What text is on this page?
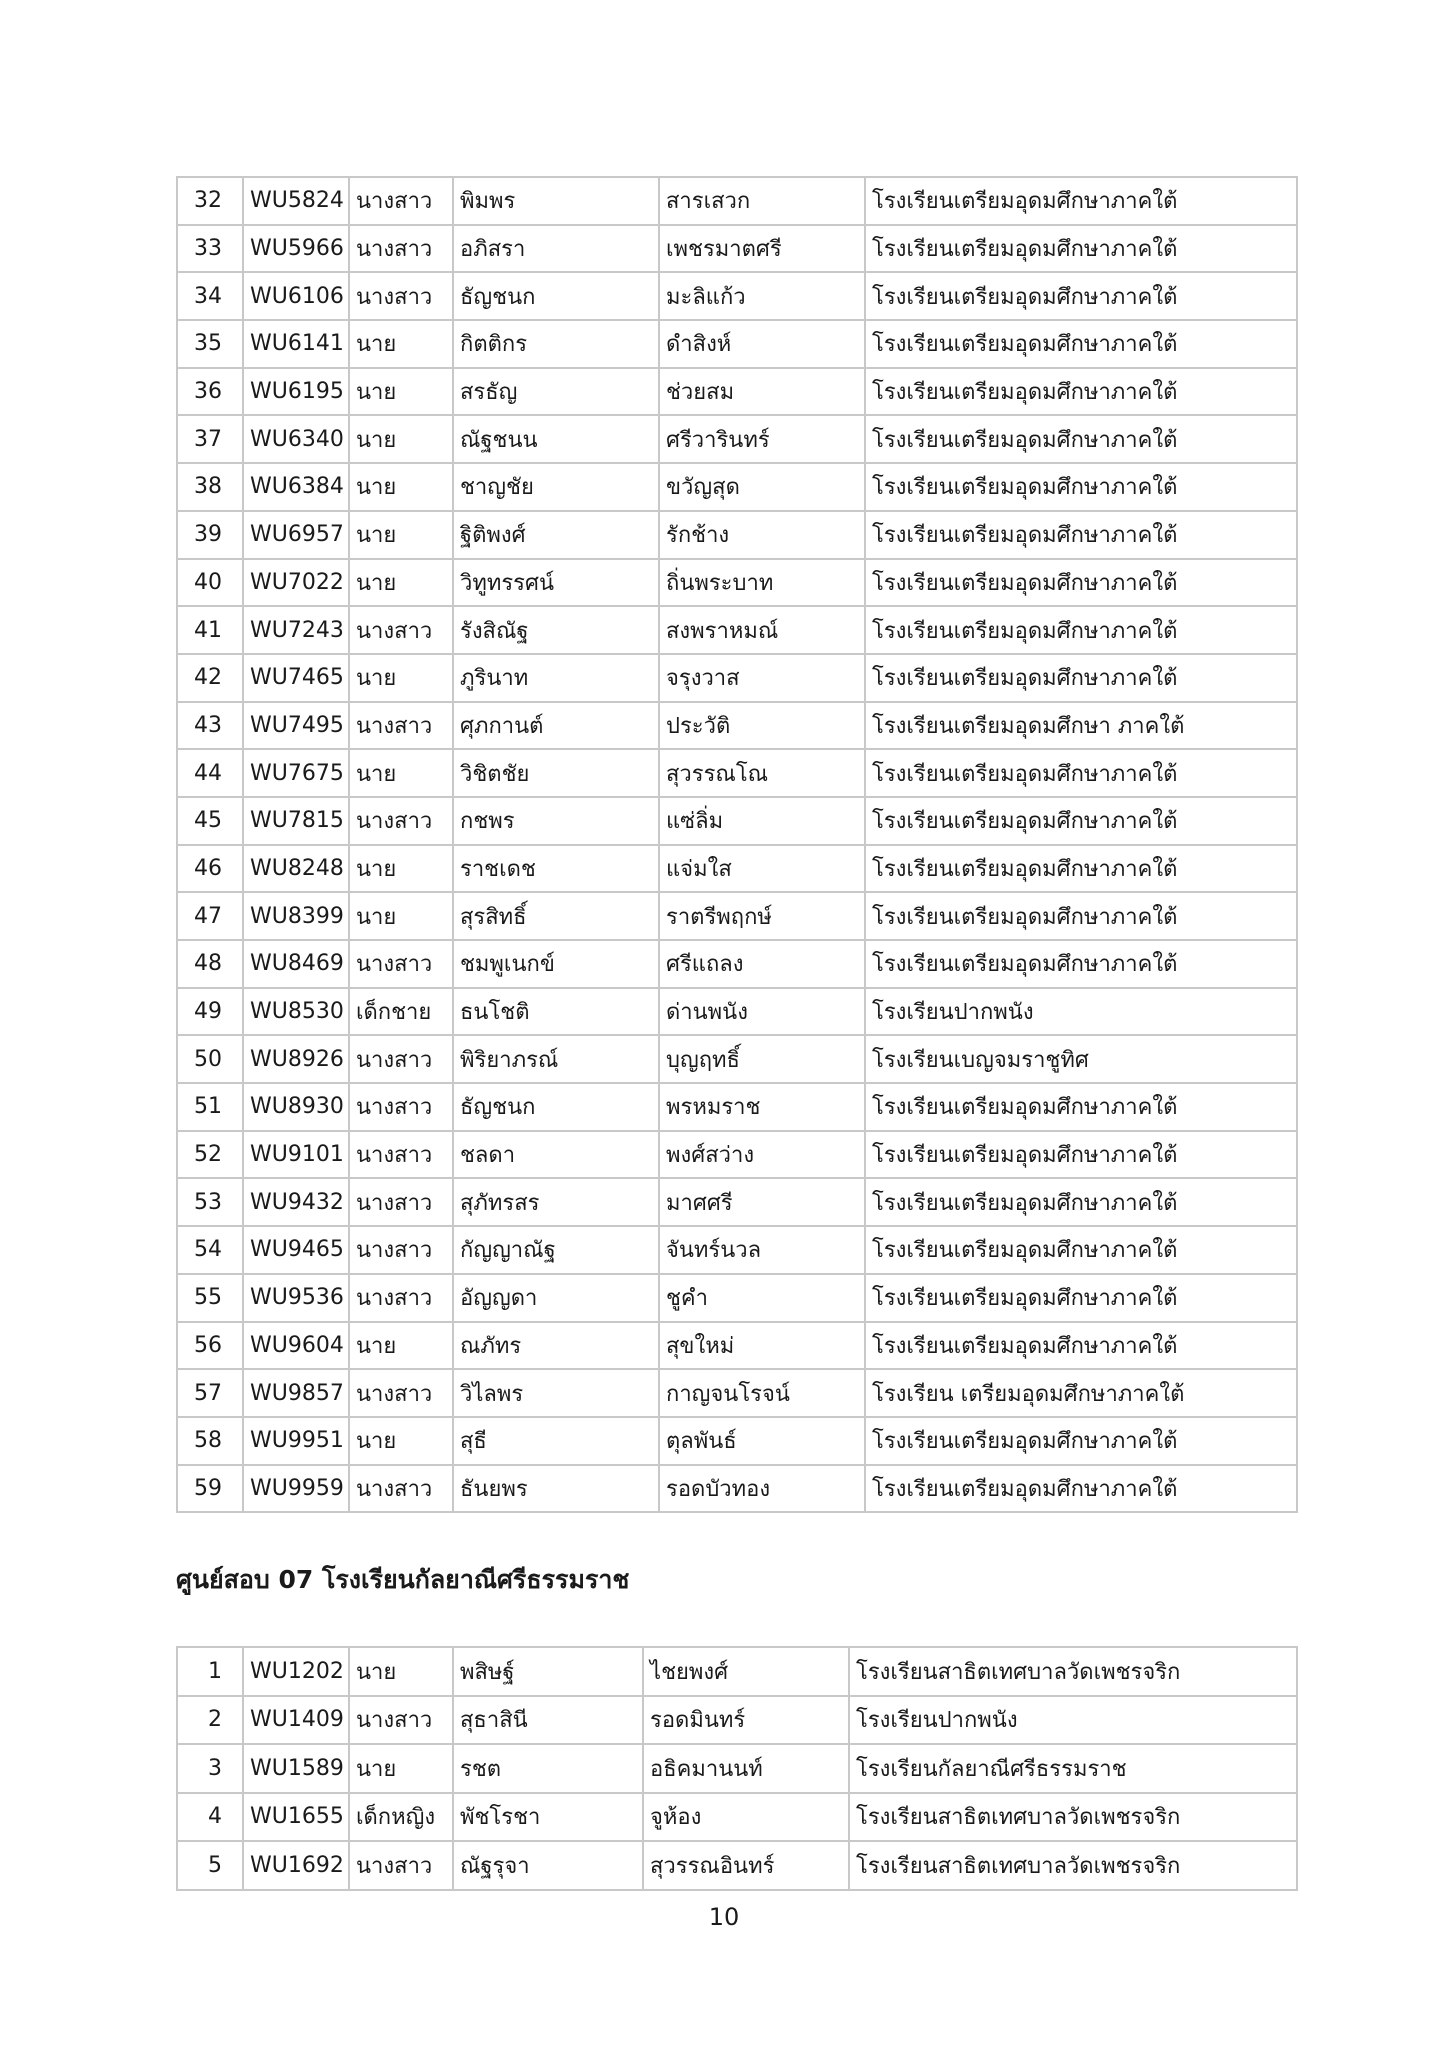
32	WU5824	นางสาว	พิมพร	สารเสวก	โรงเรียนเตรียมอุดมศึกษาภาคใต้
33	WU5966	นางสาว	อภิสรา	เพชรมาตศรี	โรงเรียนเตรียมอุดมศึกษาภาคใต้
34	WU6106	นางสาว	ธัญชนก	มะลิแก้ว	โรงเรียนเตรียมอุดมศึกษาภาคใต้
35	WU6141	นาย	กิตติกร	ดำสิงห์	โรงเรียนเตรียมอุดมศึกษาภาคใต้
36	WU6195	นาย	สรธัญ	ช่วยสม	โรงเรียนเตรียมอุดมศึกษาภาคใต้
37	WU6340	นาย	ณัฐชนน	ศรีวารินทร์	โรงเรียนเตรียมอุดมศึกษาภาคใต้
38	WU6384	นาย	ชาญชัย	ขวัญสุด	โรงเรียนเตรียมอุดมศึกษาภาคใต้
39	WU6957	นาย	ฐิติพงศ์	รักช้าง	โรงเรียนเตรียมอุดมศึกษาภาคใต้
40	WU7022	นาย	วิทูทรรศน์	ถิ่นพระบาท	โรงเรียนเตรียมอุดมศึกษาภาคใต้
41	WU7243	นางสาว	รังสิณัฐ	สงพราหมณ์	โรงเรียนเตรียมอุดมศึกษาภาคใต้
42	WU7465	นาย	ภูรินาท	จรุงวาส	โรงเรียนเตรียมอุดมศึกษาภาคใต้
43	WU7495	นางสาว	ศุภกานต์	ประวัติ	โรงเรียนเตรียมอุดมศึกษา ภาคใต้
44	WU7675	นาย	วิชิตชัย	สุวรรณโณ	โรงเรียนเตรียมอุดมศึกษาภาคใต้
45	WU7815	นางสาว	กชพร	แซ่ลิ่ม	โรงเรียนเตรียมอุดมศึกษาภาคใต้
46	WU8248	นาย	ราชเดช	แจ่มใส	โรงเรียนเตรียมอุดมศึกษาภาคใต้
47	WU8399	นาย	สุรสิทธิ์	ราตรีพฤกษ์	โรงเรียนเตรียมอุดมศึกษาภาคใต้
48	WU8469	นางสาว	ชมพูเนกข์	ศรีแถลง	โรงเรียนเตรียมอุดมศึกษาภาคใต้
49	WU8530	เด็กชาย	ธนโชติ	ด่านพนัง	โรงเรียนปากพนัง
50	WU8926	นางสาว	พิริยาภรณ์	บุญฤทธิ์	โรงเรียนเบญจมราชูทิศ
51	WU8930	นางสาว	ธัญชนก	พรหมราช	โรงเรียนเตรียมอุดมศึกษาภาคใต้
52	WU9101	นางสาว	ชลดา	พงศ์สว่าง	โรงเรียนเตรียมอุดมศึกษาภาคใต้
53	WU9432	นางสาว	สุภัทรสร	มาศศรี	โรงเรียนเตรียมอุดมศึกษาภาคใต้
54	WU9465	นางสาว	กัญญาณัฐ	จันทร์นวล	โรงเรียนเตรียมอุดมศึกษาภาคใต้
55	WU9536	นางสาว	อัญญดา	ชูคำ	โรงเรียนเตรียมอุดมศึกษาภาคใต้
56	WU9604	นาย	ณภัทร	สุขใหม่	โรงเรียนเตรียมอุดมศึกษาภาคใต้
57	WU9857	นางสาว	วิไลพร	กาญจนโรจน์	โรงเรียน เตรียมอุดมศึกษาภาคใต้
58	WU9951	นาย	สุธี	ตุลพันธ์	โรงเรียนเตรียมอุดมศึกษาภาคใต้
59	WU9959	นางสาว	ธันยพร	รอดบัวทอง	โรงเรียนเตรียมอุดมศึกษาภาคใต้
ศูนย์สอบ 07 โรงเรียนกัลยาณีศรีธรรมราช
1	WU1202	นาย	พสิษฐ์	ไชยพงศ์	โรงเรียนสาธิตเทศบาลวัดเพชรจริก
2	WU1409	นางสาว	สุธาสินี	รอดมินทร์	โรงเรียนปากพนัง
3	WU1589	นาย	รชต	อธิคมานนท์	โรงเรียนกัลยาณีศรีธรรมราช
4	WU1655	เด็กหญิง	พัชโรชา	จูห้อง	โรงเรียนสาธิตเทศบาลวัดเพชรจริก
5	WU1692	นางสาว	ณัฐรุจา	สุวรรณอินทร์	โรงเรียนสาธิตเทศบาลวัดเพชรจริก
10
